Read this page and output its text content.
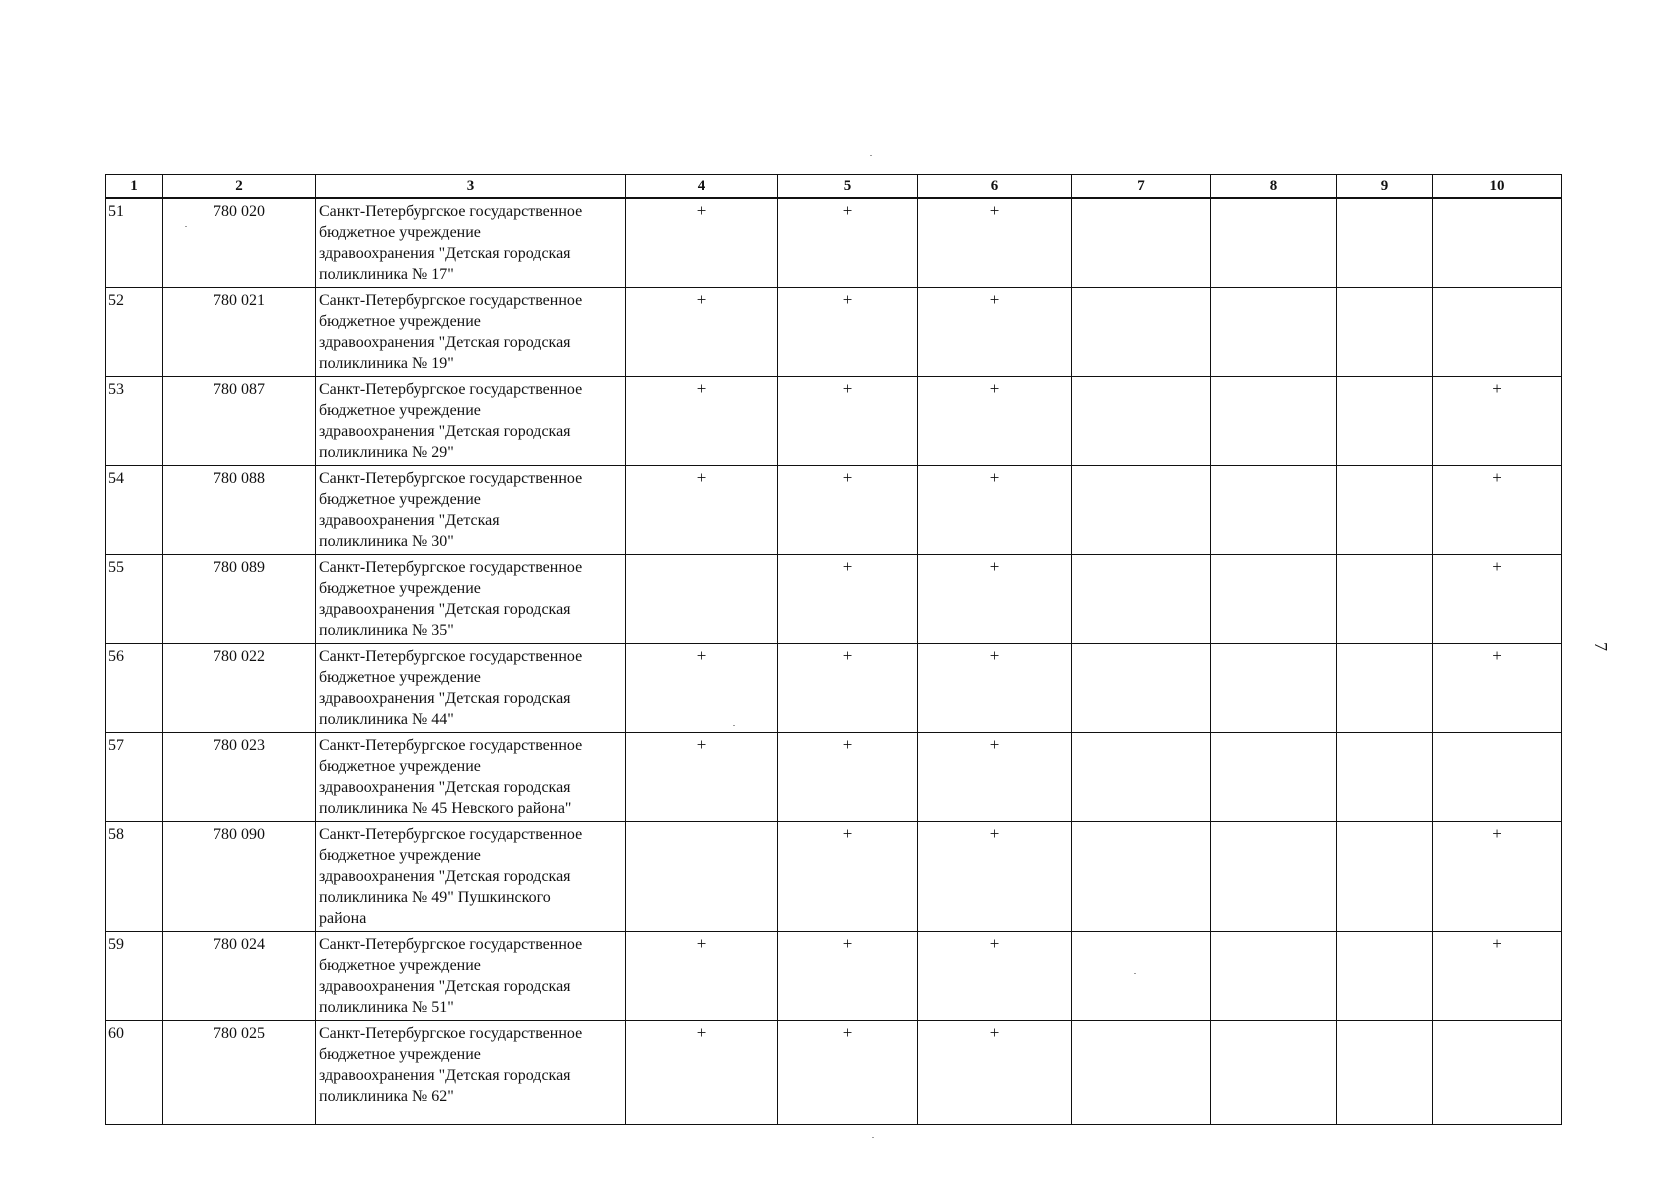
1	2	3	4	5	6	7	8	9	10
51	780 020	Санкт-Петербургское государственное
бюджетное учреждение
здравоохранения "Детская городская
поликлиника № 17"	+	+	+				
52	780 021	Санкт-Петербургское государственное
бюджетное учреждение
здравоохранения "Детская городская
поликлиника № 19"	+	+	+				
53	780 087	Санкт-Петербургское государственное
бюджетное учреждение
здравоохранения "Детская городская
поликлиника № 29"	+	+	+				+
54	780 088	Санкт-Петербургское государственное
бюджетное учреждение
здравоохранения "Детская
поликлиника № 30"	+	+	+				+
55	780 089	Санкт-Петербургское государственное
бюджетное учреждение
здравоохранения "Детская городская
поликлиника № 35"		+	+				+
56	780 022	Санкт-Петербургское государственное
бюджетное учреждение
здравоохранения "Детская городская
поликлиника № 44"	+	+	+				+
57	780 023	Санкт-Петербургское государственное
бюджетное учреждение
здравоохранения "Детская городская
поликлиника № 45 Невского района"	+	+	+				
58	780 090	Санкт-Петербургское государственное
бюджетное учреждение
здравоохранения "Детская городская
поликлиника № 49" Пушкинского
района		+	+				+
59	780 024	Санкт-Петербургское государственное
бюджетное учреждение
здравоохранения "Детская городская
поликлиника № 51"	+	+	+				+
60	780 025	Санкт-Петербургское государственное
бюджетное учреждение
здравоохранения "Детская городская
поликлиника № 62"	+	+	+				
7
